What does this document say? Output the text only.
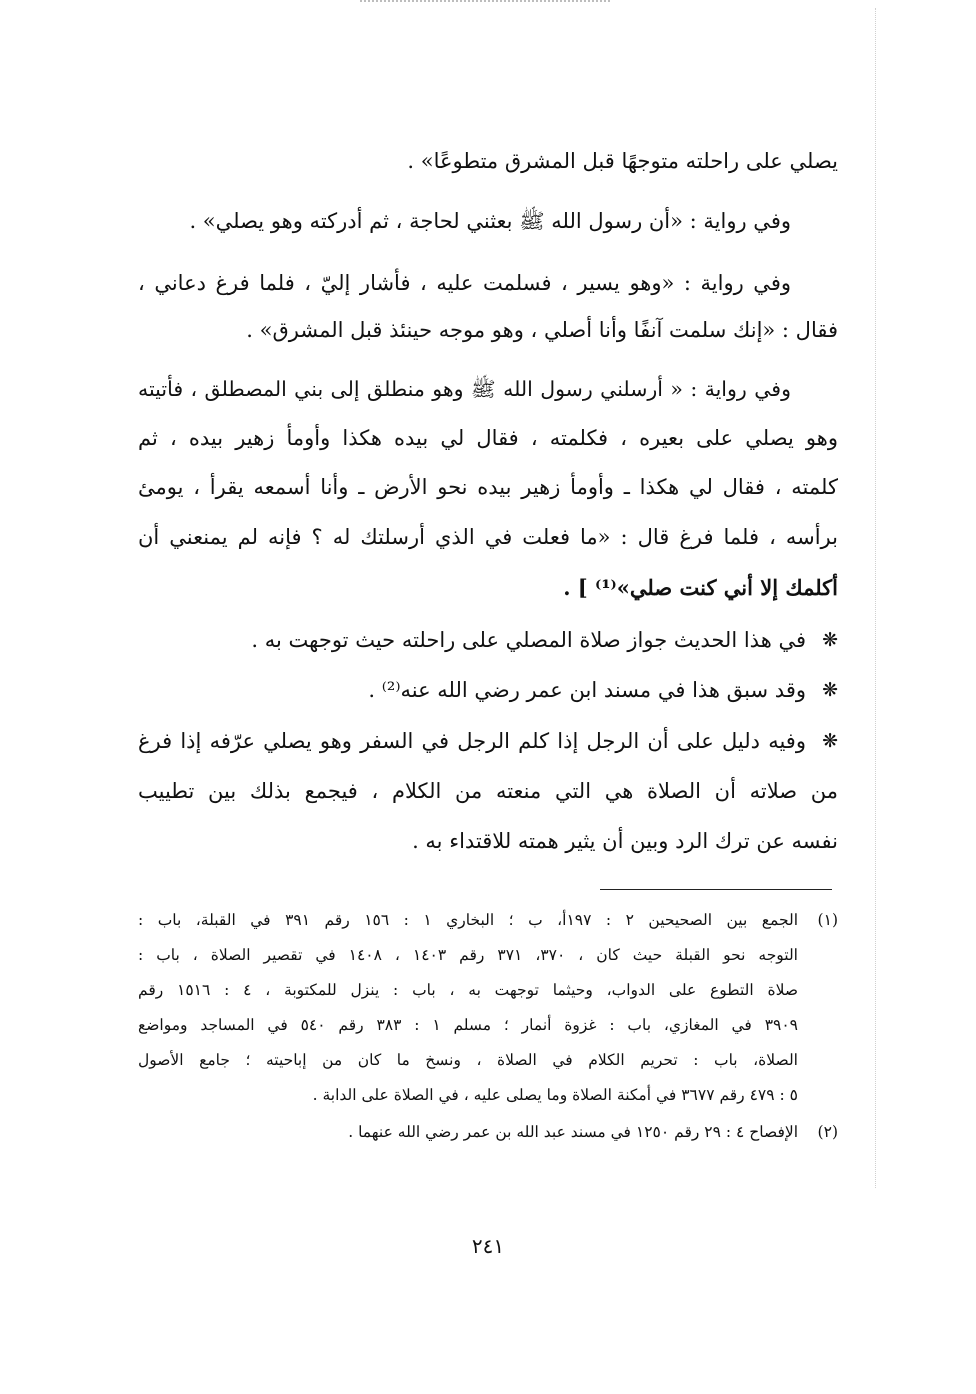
يصلي على راحلته متوجهًا قبل المشرق متطوعًا» .
وفي رواية : «أن رسول الله ﷺ بعثني لحاجة ، ثم أدركته وهو يصلي» .
وفي رواية : «وهو يسير ، فسلمت عليه ، فأشار إليّ ، فلما فرغ دعاني ،
فقال : «إنك سلمت آنفًا وأنا أصلي ، وهو موجه حينئذ قبل المشرق» .
وفي رواية : « أرسلني رسول الله ﷺ وهو منطلق إلى بني المصطلق ، فأتيته
وهو يصلي على بعيره ، فكلمته ، فقال لي بيده هكذا وأومأ زهير بيده ، ثم
كلمته ، فقال لي هكذا ـ وأومأ زهير بيده نحو الأرض ـ وأنا أسمعه يقرأ ، يومئ
برأسه ، فلما فرغ قال : «ما فعلت في الذي أرسلتك له ؟ فإنه لم يمنعني أن
أكلمك إلا أني كنت صلي»⁽¹⁾ ] .
❋
في هذا الحديث جواز صلاة المصلي على راحلته حيث توجهت به .
❋
وقد سبق هذا في مسند ابن عمر رضي الله عنه⁽²⁾ .
❋
وفيه دليل على أن الرجل إذا كلم الرجل في السفر وهو يصلي عرّفه إذا فرغ
من صلاته أن الصلاة هي التي منعته من الكلام ، فيجمع بذلك بين تطييب
نفسه عن ترك الرد وبين أن يثير همته للاقتداء به .
(١)
الجمع بين الصحيحين ٢ : ١٩٧أ، ب ؛ البخاري ١ : ١٥٦ رقم ٣٩١ في القبلة، باب :
التوجه نحو القبلة حيث كان ، ٣٧٠، ٣٧١ رقم ١٤٠٣ ، ١٤٠٨ في تقصير الصلاة ، باب :
صلاة التطوع على الدواب، وحيثما توجهت به ، باب : ينزل للمكتوبة ، ٤ : ١٥١٦ رقم
٣٩٠٩ في المغازي، باب : غزوة أنمار ؛ مسلم ١ : ٣٨٣ رقم ٥٤٠ في المساجد ومواضع
الصلاة، باب : تحريم الكلام في الصلاة ، ونسخ ما كان من إباحيته ؛ جامع الأصول
٥ : ٤٧٩ رقم ٣٦٧٧ في أمكنة الصلاة وما يصلى عليه ، في الصلاة على الدابة .
(٢)
الإفصاح ٤ : ٢٩ رقم ١٢٥٠ في مسند عبد الله بن عمر رضي الله عنهما .
٢٤١
